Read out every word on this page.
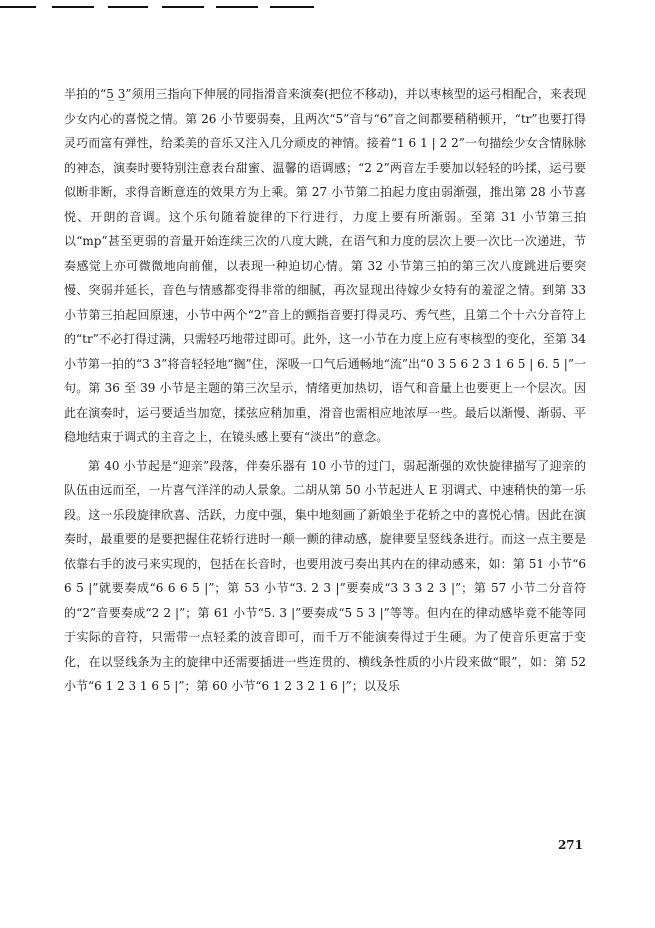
半拍的“5̲ 3̲”须用三指向下伸展的同指滑音来演奏(把位不移动)，并以枣核型的运弓相配合，来表现少女内心的喜悦之情。第 26 小节要弱奏，且两次“5”音与“6”音之间都要稍稍顿开，“tr”也要打得灵巧而富有弹性，给柔美的音乐又注入几分顽皮的神情。接着“1 6 1 | 2 2”一句描绘少女含情脉脉的神态，演奏时要特别注意表台甜蜜、温馨的语调感；“2 2”两音左手要加以轻轻的吟揉，运弓要似断非断，求得音断意连的效果方为上乘。第 27 小节第二拍起力度由弱渐强，推出第 28 小节喜悦、开朗的音调。这个乐句随着旋律的下行进行，力度上要有所渐弱。至第 31 小节第三拍以“mp”甚至更弱的音量开始连续三次的八度大跳，在语气和力度的层次上要一次比一次递进，节奏感觉上亦可微微地向前催，以表现一种迫切心情。第 32 小节第三拍的第三次八度跳进后要突慢、突弱并延长，音色与情感都变得非常的细腻，再次显现出待嫁少女特有的羞涩之情。到第 33 小节第三拍起回原速，小节中两个“2”音上的颤指音要打得灵巧、秀气些，且第二个十六分音符上的“tr”不必打得过满，只需轻巧地带过即可。此外，这一小节在力度上应有枣核型的变化，至第 34 小节第一拍的“3 3”将音轻轻地“搁”住，深吸一口气后通畅地“流”出“0 3 5 6 2 3 1 6 5 | 6. 5 |”一句。第 36 至 39 小节是主题的第三次呈示，情绪更加热切，语气和音量上也要更上一个层次。因此在演奏时，运弓要适当加宽，揉弦应稍加重，滑音也需相应地浓厚一些。最后以渐慢、渐弱、平稳地结束于调式的主音之上，在镜头感上要有“淡出”的意念。

第 40 小节起是“迎亲”段落，伴奏乐器有 10 小节的过门，弱起渐强的欢快旋律描写了迎亲的队伍由远而至，一片喜气洋洋的动人景象。二胡从第 50 小节起进人 E 羽调式、中速稍快的第一乐段。这一乐段旋律欣喜、活跃，力度中强，集中地刻画了新娘坐于花轿之中的喜悦心情。因此在演奏时，最重要的是要把握住花轿行进时一颠一颤的律动感，旋律要呈竖线条进行。而这一点主要是依靠右手的波弓来实现的，包括在长音时，也要用波弓奏出其内在的律动感来，如：第 51 小节“6 6 5 |”就要奏成“6 6 6 5 |”；第 53 小节“3. 2 3 |”要奏成“3 3 3 2 3 |”；第 57 小节二分音符的“2”音要奏成“2 2 |”；第 61 小节“5. 3 |”要奏成“5 5 3 |”等等。但内在的律动感毕竟不能等同于实际的音符，只需带一点轻柔的波音即可，而千万不能演奏得过于生硬。为了使音乐更富于变化，在以竖线条为主的旋律中还需要插进一些连贯的、横线条性质的小片段来做“眼”，如：第 52 小节“6 1 2 3 1 6 5 |”；第 60 小节“6 1 2 3 2 1 6 |”；以及乐

271
